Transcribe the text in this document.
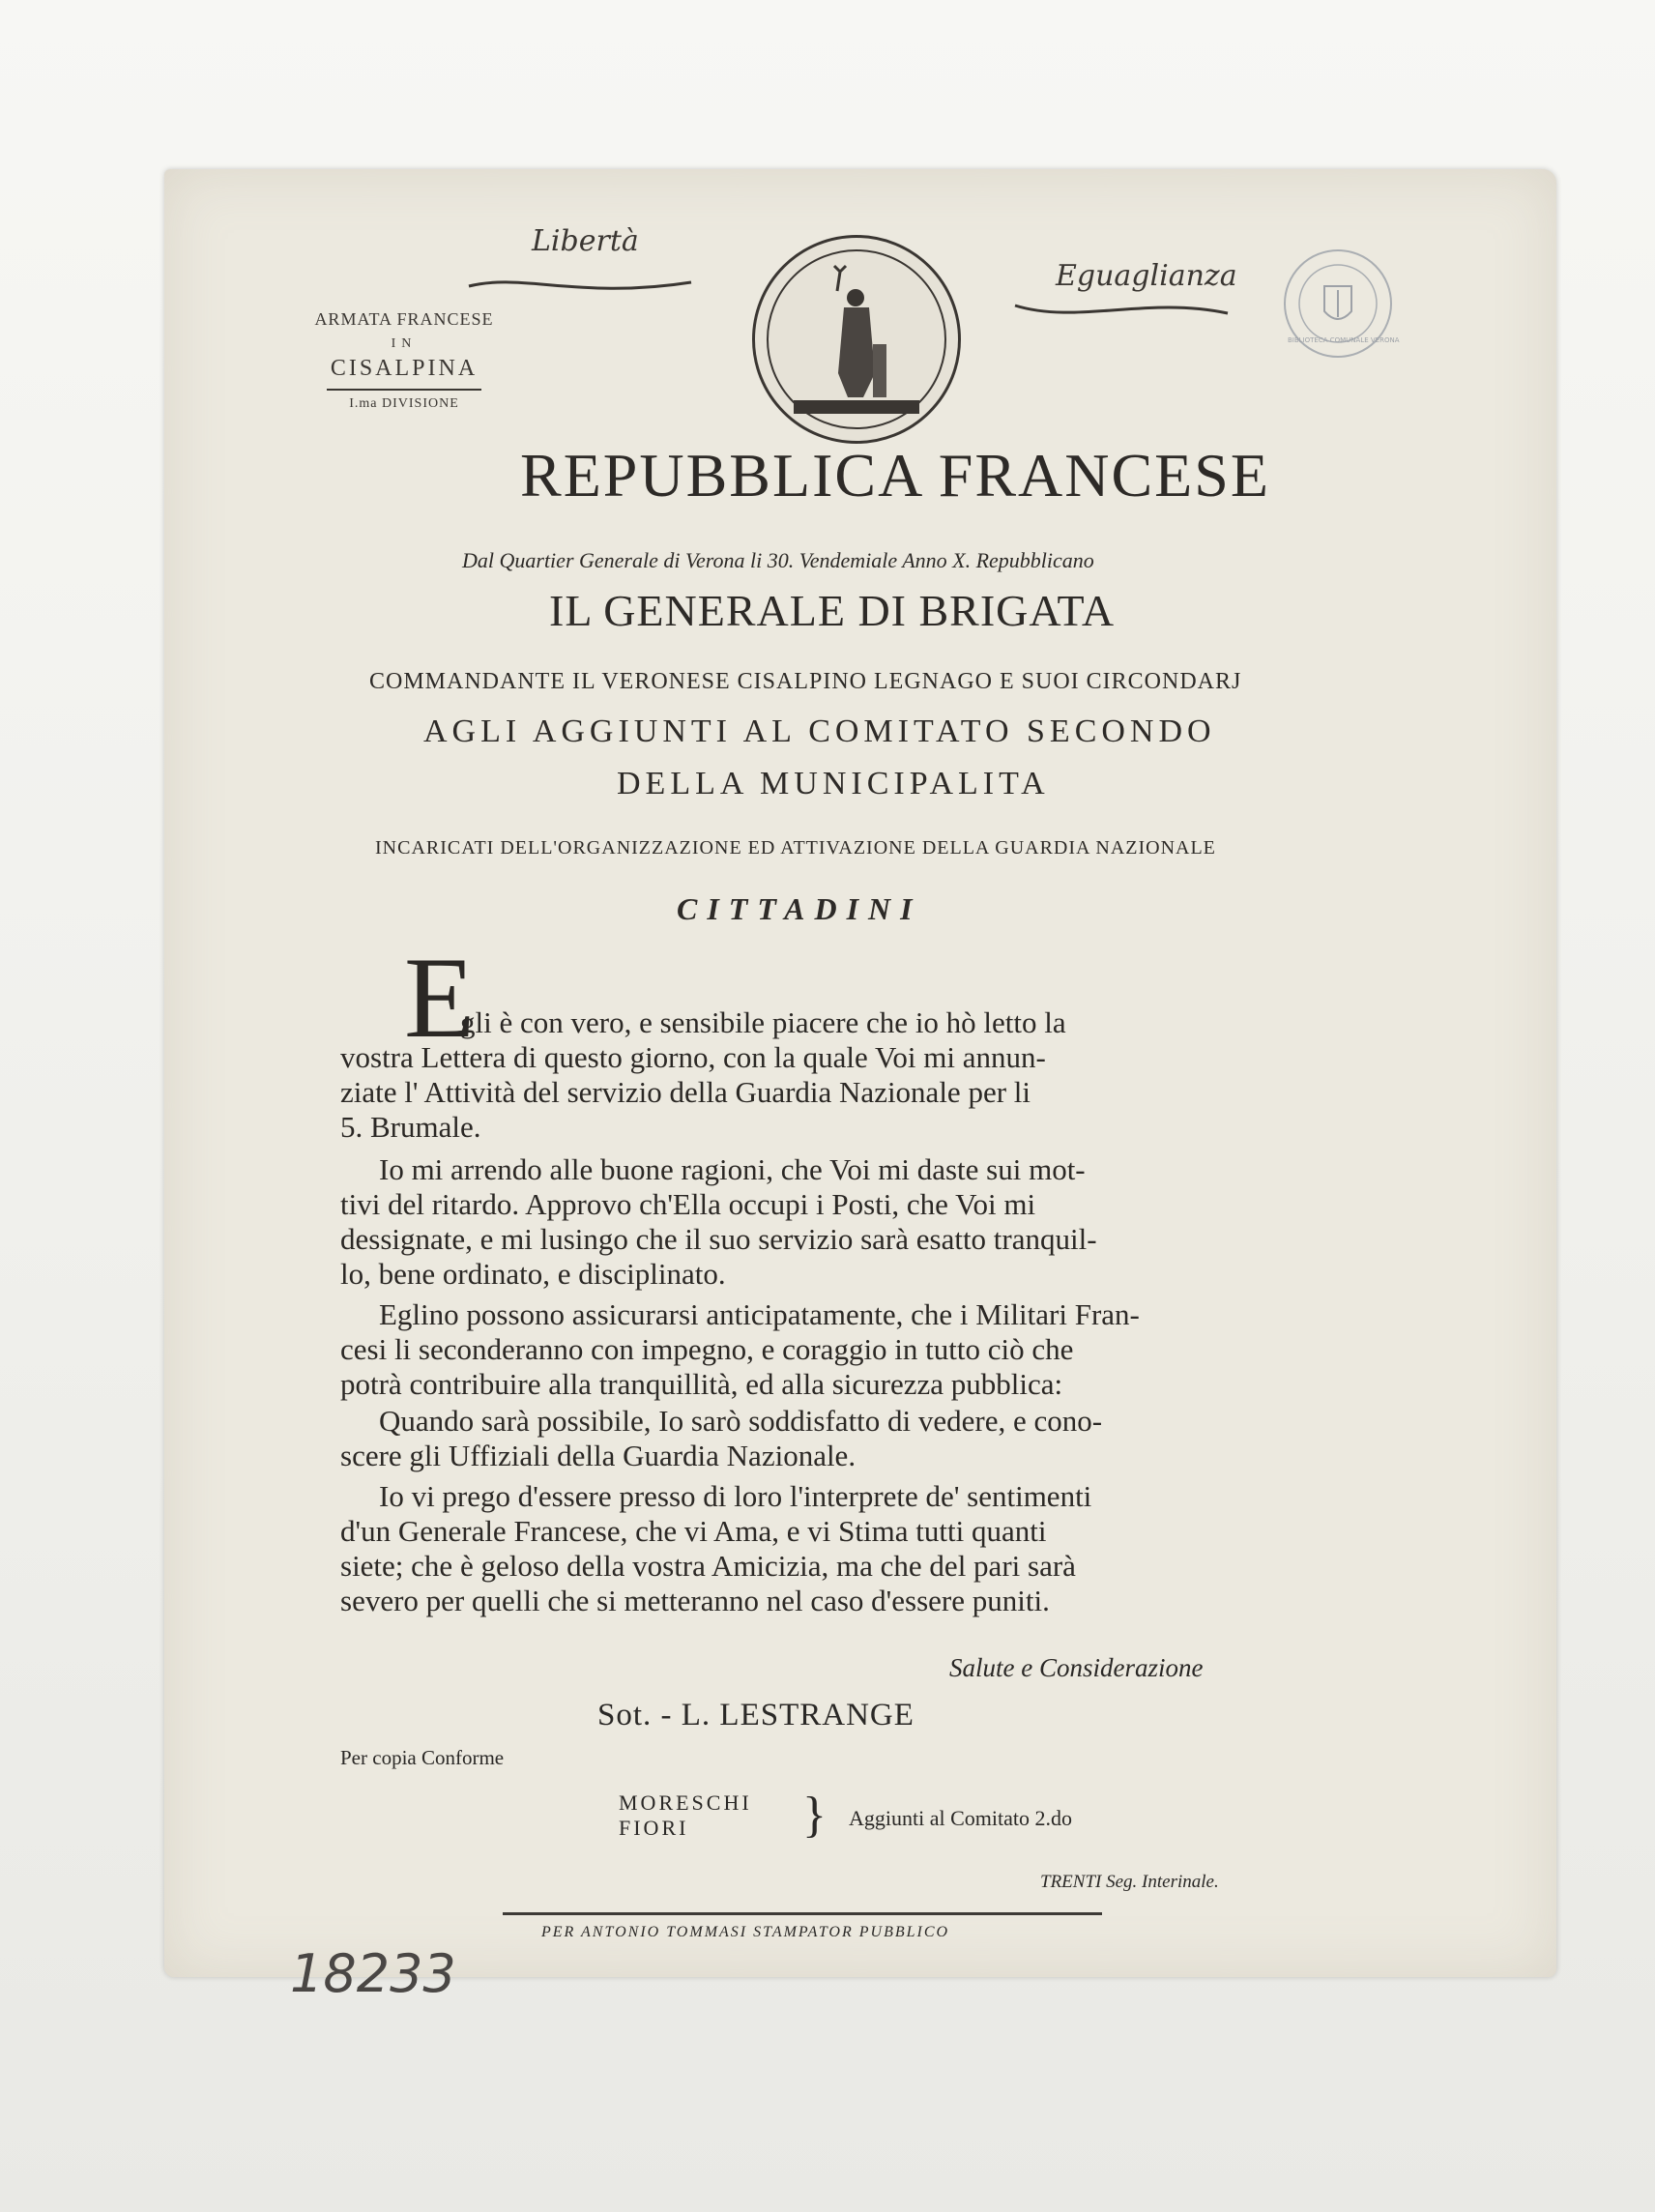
Libertà
Eguaglianza
ARMATA FRANCESE
IN
CISALPINA
I.ma DIVISIONE
BIBLIOTECA COMUNALE VERONA
REPUBBLICA FRANCESE
Dal Quartier Generale di Verona li 30. Vendemiale Anno X. Repubblicano
IL GENERALE DI BRIGATA
COMMANDANTE IL VERONESE CISALPINO LEGNAGO E SUOI CIRCONDARJ
AGLI AGGIUNTI AL COMITATO SECONDO
DELLA MUNICIPALITA
INCARICATI DELL'ORGANIZZAZIONE ED ATTIVAZIONE DELLA GUARDIA NAZIONALE
CITTADINI
E
gli è con vero, e sensibile piacere che io hò letto la
vostra Lettera di questo giorno, con la quale Voi mi annun-
ziate l' Attività del servizio della Guardia Nazionale per li
5. Brumale.
Io mi arrendo alle buone ragioni, che Voi mi daste sui mot-
tivi del ritardo. Approvo ch'Ella occupi i Posti, che Voi mi
dessignate, e mi lusingo che il suo servizio sarà esatto tranquil-
lo, bene ordinato, e disciplinato.
Eglino possono assicurarsi anticipatamente, che i Militari Fran-
cesi li seconderanno con impegno, e coraggio in tutto ciò che
potrà contribuire alla tranquillità, ed alla sicurezza pubblica:
Quando sarà possibile, Io sarò soddisfatto di vedere, e cono-
scere gli Uffiziali della Guardia Nazionale.
Io vi prego d'essere presso di loro l'interprete de' sentimenti
d'un Generale Francese, che vi Ama, e vi Stima tutti quanti
siete; che è geloso della vostra Amicizia, ma che del pari sarà
severo per quelli che si metteranno nel caso d'essere puniti.
Salute e Considerazione
Sot. - L. LESTRANGE
Per copia Conforme
MORESCHI
FIORI } Aggiunti al Comitato 2.do
TRENTI Seg. Interinale.
PER ANTONIO TOMMASI STAMPATOR PUBBLICO
18233
